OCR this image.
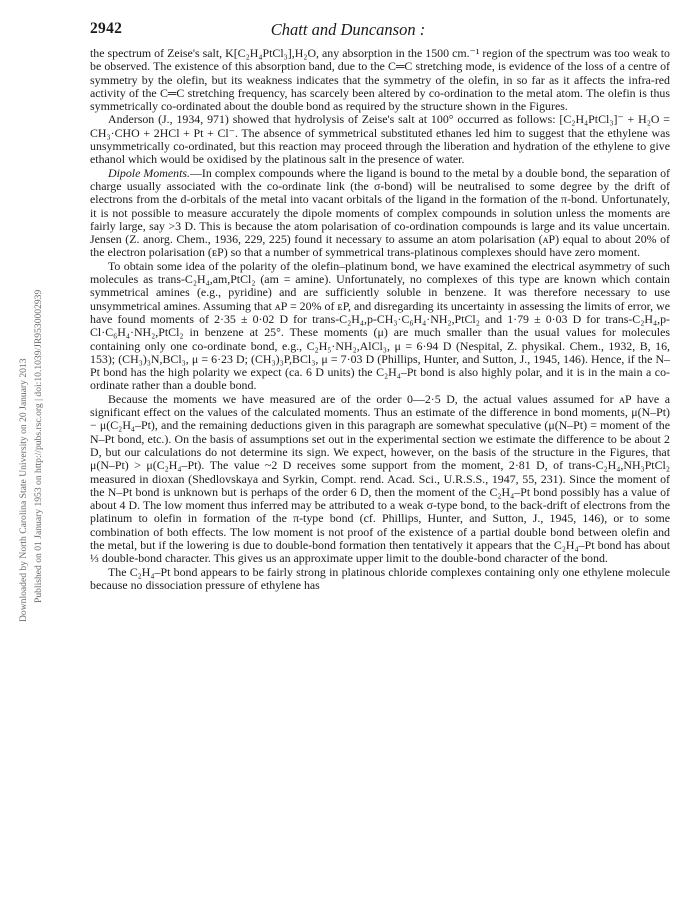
2942	Chatt and Duncanson :
Published on 01 January 1953 on http://pubs.rsc.org | doi:10.1039/JR9530002939
Downloaded by North Carolina State University on 20 January 2013

the spectrum of Zeise's salt, K[C₂H₄PtCl₃],H₂O, any absorption in the 1500 cm.⁻¹ region of the spectrum was too weak to be observed. The existence of this absorption band, due to the C═C stretching mode, is evidence of the loss of a centre of symmetry by the olefin, but its weakness indicates that the symmetry of the olefin, in so far as it affects the infra-red activity of the C═C stretching frequency, has scarcely been altered by co-ordination to the metal atom. The olefin is thus symmetrically co-ordinated about the double bond as required by the structure shown in the Figures.

Anderson (J., 1934, 971) showed that hydrolysis of Zeise's salt at 100° occurred as follows: [C₂H₄PtCl₃]⁻ + H₂O = CH₃·CHO + 2HCl + Pt + Cl⁻. The absence of symmetrical substituted ethanes led him to suggest that the ethylene was unsymmetrically co-ordinated, but this reaction may proceed through the liberation and hydration of the ethylene to give ethanol which would be oxidised by the platinous salt in the presence of water.

Dipole Moments.—In complex compounds where the ligand is bound to the metal by a double bond, the separation of charge usually associated with the co-ordinate link (the σ-bond) will be neutralised to some degree by the drift of electrons from the d-orbitals of the metal into vacant orbitals of the ligand in the formation of the π-bond. Unfortunately, it is not possible to measure accurately the dipole moments of complex compounds in solution unless the moments are fairly large, say >3 D. This is because the atom polarisation of co-ordination compounds is large and its value uncertain. Jensen (Z. anorg. Chem., 1936, 229, 225) found it necessary to assume an atom polarisation (ᴀP) equal to about 20% of the electron polarisation (ᴇP) so that a number of symmetrical trans-platinous complexes should have zero moment.

To obtain some idea of the polarity of the olefin–platinum bond, we have examined the electrical asymmetry of such molecules as trans-C₂H₄,am,PtCl₂ (am = amine). Unfortunately, no complexes of this type are known which contain symmetrical amines (e.g., pyridine) and are sufficiently soluble in benzene. It was therefore necessary to use unsymmetrical amines. Assuming that ᴀP = 20% of ᴇP, and disregarding its uncertainty in assessing the limits of error, we have found moments of 2·35 ± 0·02 D for trans-C₂H₄,p-CH₃·C₆H₄·NH₂,PtCl₂ and 1·79 ± 0·03 D for trans-C₂H₄,p-Cl·C₆H₄·NH₂,PtCl₂ in benzene at 25°. These moments (μ) are much smaller than the usual values for molecules containing only one co-ordinate bond, e.g., C₂H₅·NH₂,AlCl₃, μ = 6·94 D (Nespital, Z. physikal. Chem., 1932, B, 16, 153); (CH₃)₃N,BCl₃, μ = 6·23 D; (CH₃)₃P,BCl₃, μ = 7·03 D (Phillips, Hunter, and Sutton, J., 1945, 146). Hence, if the N–Pt bond has the high polarity we expect (ca. 6 D units) the C₂H₄–Pt bond is also highly polar, and it is in the main a co-ordinate rather than a double bond.

Because the moments we have measured are of the order 0—2·5 D, the actual values assumed for ᴀP have a significant effect on the values of the calculated moments. Thus an estimate of the difference in bond moments, μ(N–Pt) − μ(C₂H₄–Pt), and the remaining deductions given in this paragraph are somewhat speculative (μ(N–Pt) = moment of the N–Pt bond, etc.). On the basis of assumptions set out in the experimental section we estimate the difference to be about 2 D, but our calculations do not determine its sign. We expect, however, on the basis of the structure in the Figures, that μ(N–Pt) > μ(C₂H₄–Pt). The value ~2 D receives some support from the moment, 2·81 D, of trans-C₂H₄,NH₃PtCl₂ measured in dioxan (Shedlovskaya and Syrkin, Compt. rend. Acad. Sci., U.R.S.S., 1947, 55, 231). Since the moment of the N–Pt bond is unknown but is perhaps of the order 6 D, then the moment of the C₂H₄–Pt bond possibly has a value of about 4 D. The low moment thus inferred may be attributed to a weak σ-type bond, to the back-drift of electrons from the platinum to olefin in formation of the π-type bond (cf. Phillips, Hunter, and Sutton, J., 1945, 146), or to some combination of both effects. The low moment is not proof of the existence of a partial double bond between olefin and the metal, but if the lowering is due to double-bond formation then tentatively it appears that the C₂H₄–Pt bond has about ⅓ double-bond character. This gives us an approximate upper limit to the double-bond character of the bond.

The C₂H₄–Pt bond appears to be fairly strong in platinous chloride complexes containing only one ethylene molecule because no dissociation pressure of ethylene has
